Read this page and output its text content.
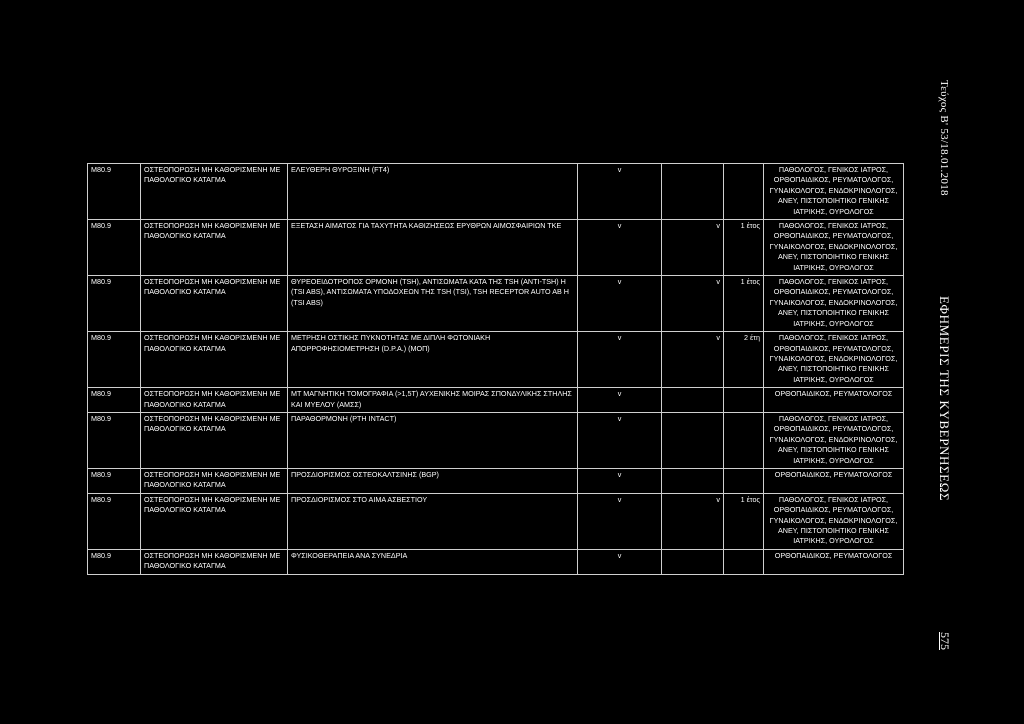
Τεύχος Β' 53/18.01.2018
ΕΦΗΜΕΡΙΣ ΤΗΣ ΚΥΒΕΡΝΗΣΕΩΣ
575
M80.9	ΟΣΤΕΟΠΟΡΩΣΗ ΜΗ ΚΑΘΟΡΙΣΜΕΝΗ ΜΕ ΠΑΘΟΛΟΓΙΚΟ ΚΑΤΑΓΜΑ	ΕΛΕΥΘΕΡΗ ΘΥΡΟΞΙΝΗ (FT4)	v			ΠΑΘΟΛΟΓΟΣ, ΓΕΝΙΚΟΣ ΙΑΤΡΟΣ, ΟΡΘΟΠΑΙΔΙΚΟΣ, ΡΕΥΜΑΤΟΛΟΓΟΣ, ΓΥΝΑΙΚΟΛΟΓΟΣ, ΕΝΔΟΚΡΙΝΟΛΟΓΟΣ, ΑΝΕΥ, ΠΙΣΤΟΠΟΙΗΤΙΚΟ ΓΕΝΙΚΗΣ ΙΑΤΡΙΚΗΣ, ΟΥΡΟΛΟΓΟΣ
M80.9	ΟΣΤΕΟΠΟΡΩΣΗ ΜΗ ΚΑΘΟΡΙΣΜΕΝΗ ΜΕ ΠΑΘΟΛΟΓΙΚΟ ΚΑΤΑΓΜΑ	ΕΞΕΤΑΣΗ ΑΙΜΑΤΟΣ ΓΙΑ ΤΑΧΥΤΗΤΑ ΚΑΘΙΖΗΣΕΩΣ ΕΡΥΘΡΩΝ ΑΙΜΟΣΦΑΙΡΙΩΝ ΤΚΕ	v	v	1 έτος	ΠΑΘΟΛΟΓΟΣ, ΓΕΝΙΚΟΣ ΙΑΤΡΟΣ, ΟΡΘΟΠΑΙΔΙΚΟΣ, ΡΕΥΜΑΤΟΛΟΓΟΣ, ΓΥΝΑΙΚΟΛΟΓΟΣ, ΕΝΔΟΚΡΙΝΟΛΟΓΟΣ, ΑΝΕΥ, ΠΙΣΤΟΠΟΙΗΤΙΚΟ ΓΕΝΙΚΗΣ ΙΑΤΡΙΚΗΣ, ΟΥΡΟΛΟΓΟΣ
M80.9	ΟΣΤΕΟΠΟΡΩΣΗ ΜΗ ΚΑΘΟΡΙΣΜΕΝΗ ΜΕ ΠΑΘΟΛΟΓΙΚΟ ΚΑΤΑΓΜΑ	ΘΥΡΕΟΕΙΔΟΤΡΟΠΟΣ ΟΡΜΟΝΗ (TSH), ΑΝΤΙΣΩΜΑΤΑ ΚΑΤΑ ΤΗΣ TSH (ANTI-TSH) Η (TSI ABS), ΑΝΤΙΣΩΜΑΤΑ ΥΠΟΔΟΧΕΩΝ ΤΗΣ TSH (TSI), TSH RECEPTOR AUTO AB Η (TSI ABS)	v	v	1 έτος	ΠΑΘΟΛΟΓΟΣ, ΓΕΝΙΚΟΣ ΙΑΤΡΟΣ, ΟΡΘΟΠΑΙΔΙΚΟΣ, ΡΕΥΜΑΤΟΛΟΓΟΣ, ΓΥΝΑΙΚΟΛΟΓΟΣ, ΕΝΔΟΚΡΙΝΟΛΟΓΟΣ, ΑΝΕΥ, ΠΙΣΤΟΠΟΙΗΤΙΚΟ ΓΕΝΙΚΗΣ ΙΑΤΡΙΚΗΣ, ΟΥΡΟΛΟΓΟΣ
M80.9	ΟΣΤΕΟΠΟΡΩΣΗ ΜΗ ΚΑΘΟΡΙΣΜΕΝΗ ΜΕ ΠΑΘΟΛΟΓΙΚΟ ΚΑΤΑΓΜΑ	ΜΕΤΡΗΣΗ ΟΣΤΙΚΗΣ ΠΥΚΝΟΤΗΤΑΣ ΜΕ ΔΙΠΛΗ ΦΩΤΟΝΙΑΚΗ ΑΠΟΡΡΟΦΗΣΙΟΜΕΤΡΗΣΗ (D.P.A.) (ΜΟΠ)	v	v	2 έτη	ΠΑΘΟΛΟΓΟΣ, ΓΕΝΙΚΟΣ ΙΑΤΡΟΣ, ΟΡΘΟΠΑΙΔΙΚΟΣ, ΡΕΥΜΑΤΟΛΟΓΟΣ, ΓΥΝΑΙΚΟΛΟΓΟΣ, ΕΝΔΟΚΡΙΝΟΛΟΓΟΣ, ΑΝΕΥ, ΠΙΣΤΟΠΟΙΗΤΙΚΟ ΓΕΝΙΚΗΣ ΙΑΤΡΙΚΗΣ, ΟΥΡΟΛΟΓΟΣ
M80.9	ΟΣΤΕΟΠΟΡΩΣΗ ΜΗ ΚΑΘΟΡΙΣΜΕΝΗ ΜΕ ΠΑΘΟΛΟΓΙΚΟ ΚΑΤΑΓΜΑ	ΜΤ ΜΑΓΝΗΤΙΚΗ ΤΟΜΟΓΡΑΦΙΑ (>1,5Τ) ΑΥΧΕΝΙΚΗΣ ΜΟΙΡΑΣ ΣΠΟΝΔΥΛΙΚΗΣ ΣΤΗΛΗΣ ΚΑΙ ΜΥΕΛΟΥ (ΑΜΣΣ)	v			ΟΡΘΟΠΑΙΔΙΚΟΣ, ΡΕΥΜΑΤΟΛΟΓΟΣ
M80.9	ΟΣΤΕΟΠΟΡΩΣΗ ΜΗ ΚΑΘΟΡΙΣΜΕΝΗ ΜΕ ΠΑΘΟΛΟΓΙΚΟ ΚΑΤΑΓΜΑ	ΠΑΡΑΘΟΡΜΟΝΗ (PTH INTACT)	v			ΠΑΘΟΛΟΓΟΣ, ΓΕΝΙΚΟΣ ΙΑΤΡΟΣ, ΟΡΘΟΠΑΙΔΙΚΟΣ, ΡΕΥΜΑΤΟΛΟΓΟΣ, ΓΥΝΑΙΚΟΛΟΓΟΣ, ΕΝΔΟΚΡΙΝΟΛΟΓΟΣ, ΑΝΕΥ, ΠΙΣΤΟΠΟΙΗΤΙΚΟ ΓΕΝΙΚΗΣ ΙΑΤΡΙΚΗΣ, ΟΥΡΟΛΟΓΟΣ
M80.9	ΟΣΤΕΟΠΟΡΩΣΗ ΜΗ ΚΑΘΟΡΙΣΜΕΝΗ ΜΕ ΠΑΘΟΛΟΓΙΚΟ ΚΑΤΑΓΜΑ	ΠΡΟΣΔΙΟΡΙΣΜΟΣ ΟΣΤΕΟΚΑΛΤΣΙΝΗΣ (BGP)	v			ΟΡΘΟΠΑΙΔΙΚΟΣ, ΡΕΥΜΑΤΟΛΟΓΟΣ
M80.9	ΟΣΤΕΟΠΟΡΩΣΗ ΜΗ ΚΑΘΟΡΙΣΜΕΝΗ ΜΕ ΠΑΘΟΛΟΓΙΚΟ ΚΑΤΑΓΜΑ	ΠΡΟΣΔΙΟΡΙΣΜΟΣ ΣΤΟ ΑΙΜΑ ΑΣΒΕΣΤΙΟΥ	v	v	1 έτος	ΠΑΘΟΛΟΓΟΣ, ΓΕΝΙΚΟΣ ΙΑΤΡΟΣ, ΟΡΘΟΠΑΙΔΙΚΟΣ, ΡΕΥΜΑΤΟΛΟΓΟΣ, ΓΥΝΑΙΚΟΛΟΓΟΣ, ΕΝΔΟΚΡΙΝΟΛΟΓΟΣ, ΑΝΕΥ, ΠΙΣΤΟΠΟΙΗΤΙΚΟ ΓΕΝΙΚΗΣ ΙΑΤΡΙΚΗΣ, ΟΥΡΟΛΟΓΟΣ
M80.9	ΟΣΤΕΟΠΟΡΩΣΗ ΜΗ ΚΑΘΟΡΙΣΜΕΝΗ ΜΕ ΠΑΘΟΛΟΓΙΚΟ ΚΑΤΑΓΜΑ	ΦΥΣΙΚΟΘΕΡΑΠΕΙΑ ΑΝΑ ΣΥΝΕΔΡΙΑ	v			ΟΡΘΟΠΑΙΔΙΚΟΣ, ΡΕΥΜΑΤΟΛΟΓΟΣ
